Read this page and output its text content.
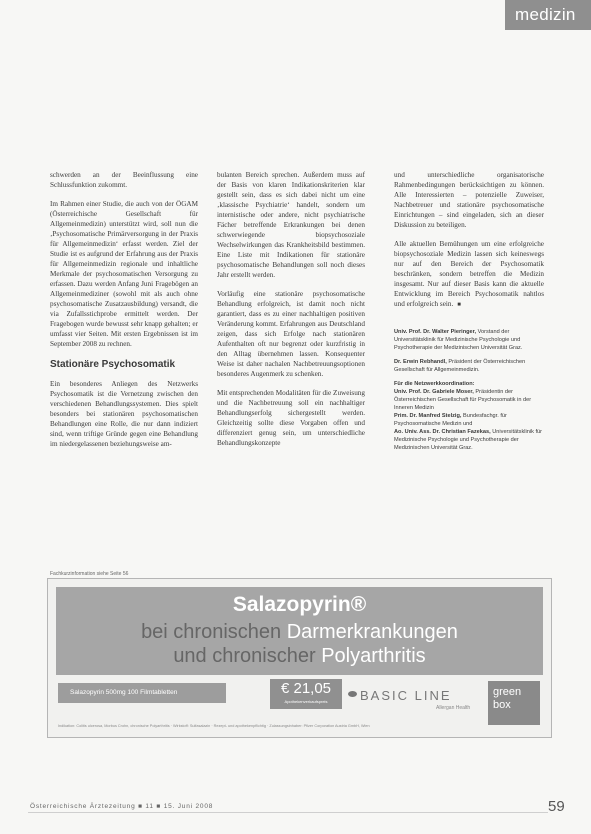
medizin

schwerden an der Beeinflussung eine Schlussfunktion zukommt.

Im Rahmen einer Studie, die auch von der ÖGAM (Österreichische Gesellschaft für Allgemeinmedizin) unterstützt wird, soll nun die ‚Psychosomatische Primärversorgung in der Praxis für Allgemeinmedizin‘ erfasst werden. Ziel der Studie ist es aufgrund der Erfahrung aus der Praxis für Allgemeinmedizin regionale und inhaltliche Merkmale der psychosomatischen Versorgung zu erfassen. Dazu werden Anfang Juni Fragebögen an Allgemeinmediziner (sowohl mit als auch ohne psychosomatische Zusatzausbildung) versandt, die via Zufallsstichprobe ermittelt werden. Der Fragebogen wurde bewusst sehr knapp gehalten; er umfasst vier Seiten. Mit ersten Ergebnissen ist im September 2008 zu rechnen.

Stationäre Psychosomatik

Ein besonderes Anliegen des Netzwerks Psychosomatik ist die Vernetzung zwischen den verschiedenen Behandlungssystemen. Dies spielt besonders bei stationären psychosomatischen Behandlungen eine Rolle, die nur dann indiziert sind, wenn triftige Gründe gegen eine Behandlung im niedergelassenen beziehungsweise am-

bulanten Bereich sprechen. Außerdem muss auf der Basis von klaren Indikationskriterien klar gestellt sein, dass es sich dabei nicht um eine ‚klassische Psychiatrie‘ handelt, sondern um internistische oder andere, nicht psychiatrische Fächer betreffende Erkrankungen bei denen schwerwiegende biopsychosoziale Wechselwirkungen das Krankheitsbild bestimmen. Eine Liste mit Indikationen für stationäre psychosomatische Behandlungen soll noch dieses Jahr erstellt werden.

Vorläufig eine stationäre psychosomatische Behandlung erfolgreich, ist damit noch nicht garantiert, dass es zu einer nachhaltigen positiven Veränderung kommt. Erfahrungen aus Deutschland zeigen, dass sich Erfolge nach stationären Aufenthalten oft nur begrenzt oder kurzfristig in den Alltag übernehmen lassen. Konsequenter Weise ist daher nachalen Nachbetreuungsoptionen besonderes Augenmerk zu schenken.

Mit entsprechenden Modalitäten für die Zuweisung und die Nachbetreuung soll ein nachhaltiger Behandlungserfolg sichergestellt werden. Gleichzeitig sollte diese Vorgaben offen und differenziert genug sein, um unterschiedliche Behandlungskonzepte

und unterschiedliche organisatorische Rahmenbedingungen berücksichtigen zu können. Alle Interessierten – potenzielle Zuweiser, Nachbetreuer und stationäre psychosomatische Einrichtungen – sind eingeladen, sich an dieser Diskussion zu beteiligen.

Alle aktuellen Bemühungen um eine erfolgreiche biopsychosoziale Medizin lassen sich keineswegs nur auf den Bereich der Psychosomatik beschränken, sondern betreffen die Medizin insgesamt. Nur auf dieser Basis kann die aktuelle Entwicklung im Bereich Psychosomatik nahtlos und erfolgreich sein. ■

Univ. Prof. Dr. Walter Pieringer, Vorstand der Universitätsklinik für Medizinische Psychologie und Psychotherapie der Medizinischen Universität Graz.
Dr. Erwin Rebhandl, Präsident der Österreichischen Gesellschaft für Allgemeinmedizin.
Für die Netzwerkkoordination:
Univ. Prof. Dr. Gabriele Moser, Präsidentin der Österreichischen Gesellschaft für Psychosomatik in der Inneren Medizin
Prim. Dr. Manfred Stelzig, Bundesfachgr. für Psychosomatische Medizin und
Ao. Univ. Ass. Dr. Christian Fazekas, Universitätsklinik für Medizinische Psychologie und Psychotherapie der Medizinischen Universität Graz.
Fachkurzinformation siehe Seite 56
Salazopyrin®
bei chronischen Darmerkrankungen
und chronischer Polyarthritis
Salazopyrin 500mg 100 Filmtabletten	€ 21,05
Apothekenverkaufspreis	BASIC LINE
Allergan Health
green
box
Indikation: Colitis ulcerosa, Morbus Crohn, chronische Polyarthritis · Wirkstoff: Sulfasalazin · Rezept- und apothekenpflichtig · Zulassungsinhaber: Pfizer Corporation Austria GmbH, Wien
Österreichische Ärztezeitung ■ 11 ■ 15. Juni 2008	59
